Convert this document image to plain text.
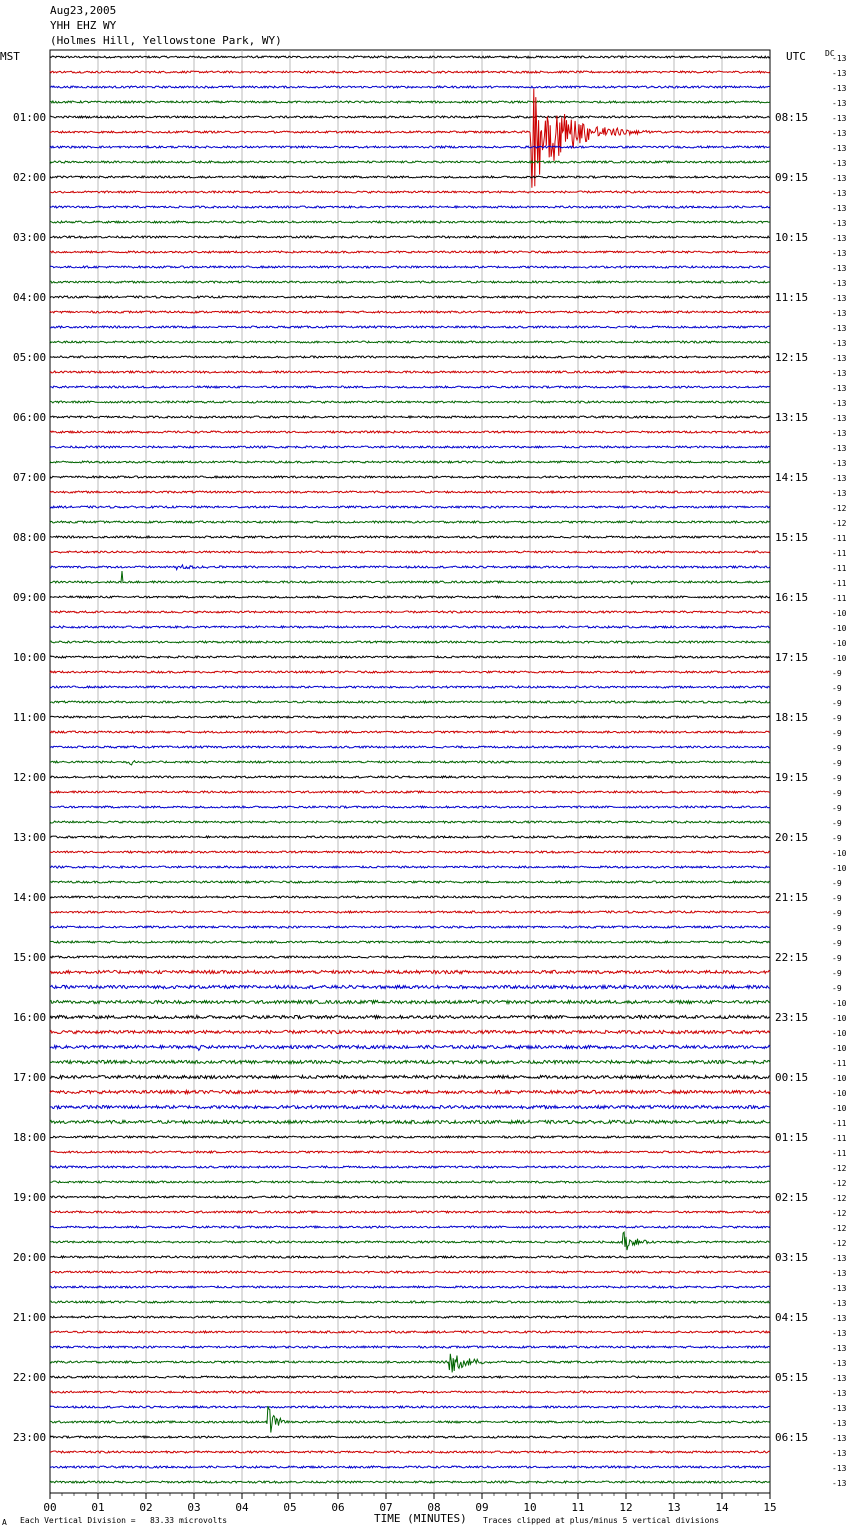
Aug23,2005
YHH EHZ WY
(Holmes Hill, Yellowstone Park, WY)
MST	UTC DC
00	01	02	03	04	05	06	07	08	09	10	11	12	13	14	15
-13
-13
-13
-13
-13
-13
-13
-13
-13
-13
-13
-13
-13
-13
-13
-13
-13
-13
-13
-13
-13
-13
-13
-13
-13
-13
-13
-13
-13
-13
-12
-12
-11
-11
-11
-11
-11
-10
-10
-10
-10
-9
-9
-9
-9
-9
-9
-9
-9
-9
-9
-9
-9
-10
-10
-9
-9
-9
-9
-9
-9
-9
-9
-10
-10
-10
-10
-11
-10
-10
-10
-11
-11
-11
-12
-12
-12
-12
-12
-12
-13
-13
-13
-13
-13
-13
-13
-13
-13
-13
-13
-13
-13
-13
-13
-13
01:00
02:00
03:00
04:00
05:00
06:00
07:00
08:00
09:00
10:00
11:00
12:00
13:00
14:00
15:00
16:00
17:00
18:00
19:00
20:00
21:00
22:00
23:00
08:15
09:15
10:15
11:15
12:15
13:15
14:15
15:15
16:15
17:15
18:15
19:15
20:15
21:15
22:15
23:15
00:15
01:15
02:15
03:15
04:15
05:15
06:15
A Each Vertical Division =   83.33 microvolts	TIME (MINUTES) Traces clipped at plus/minus 5 vertical divisions
